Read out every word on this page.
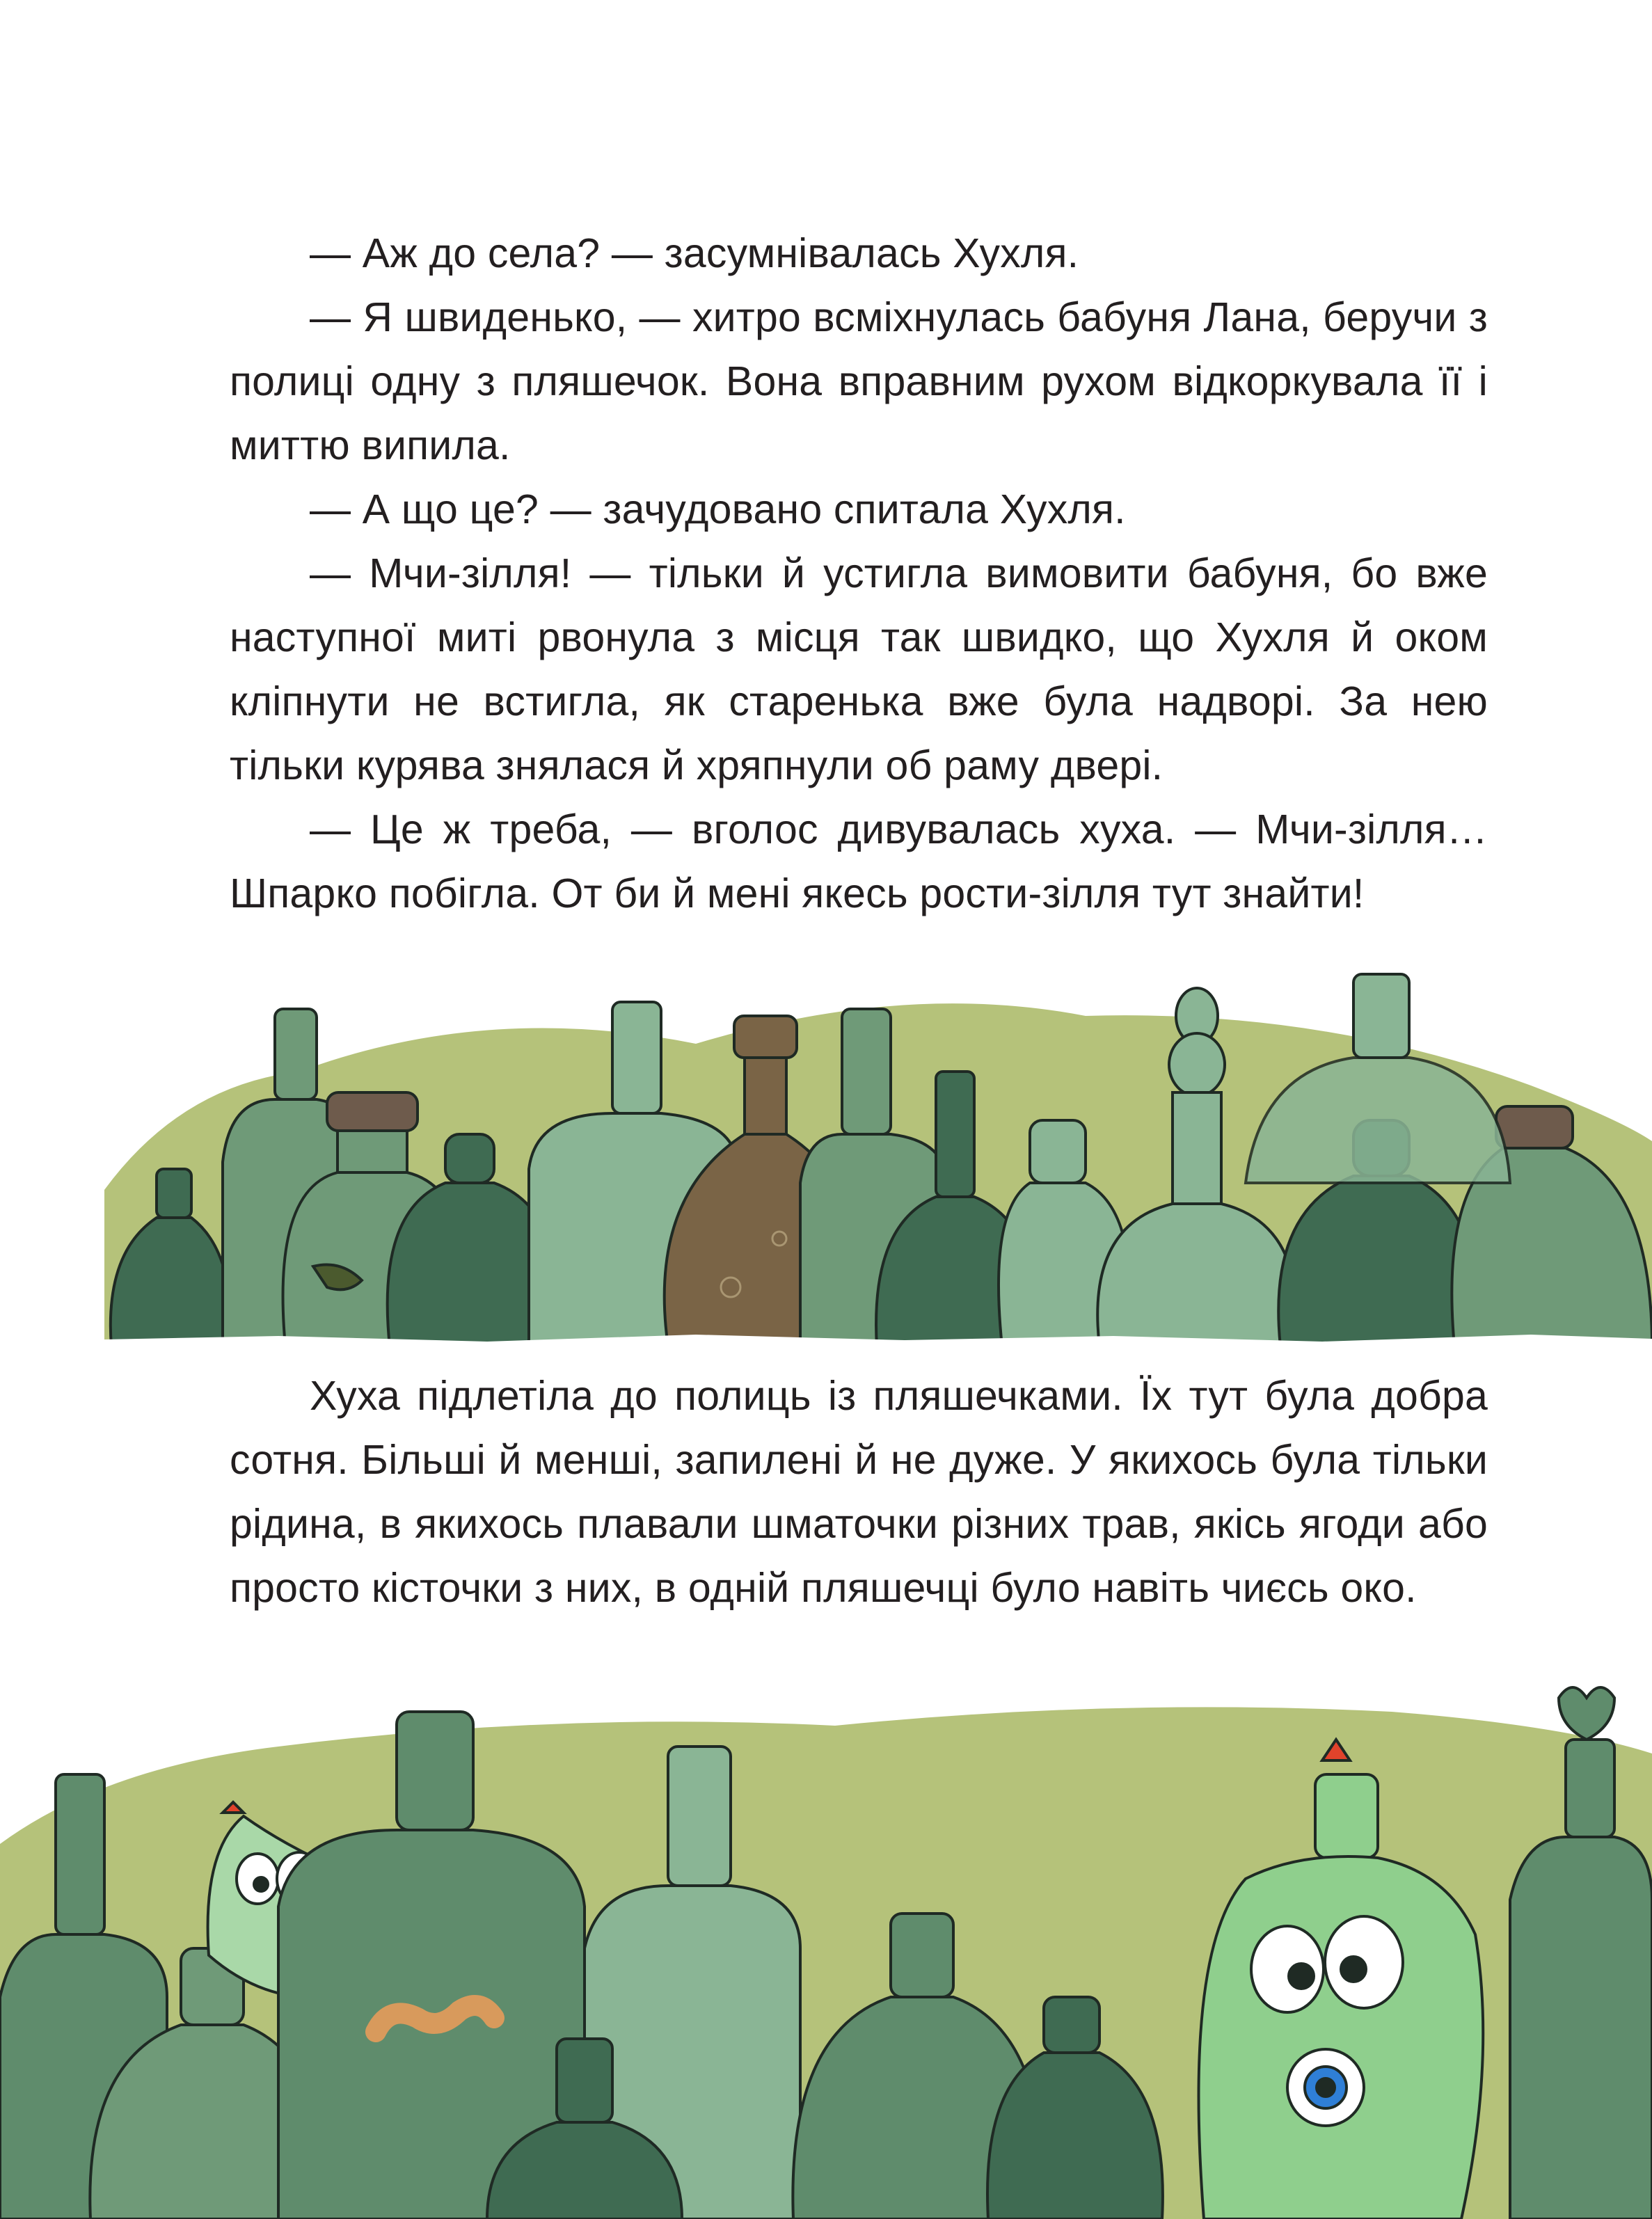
— Аж до села? — засумнівалась Хухля.

— Я швиденько, — хитро всміхнулась бабуня Лана, беручи з полиці одну з пляшечок. Вона вправним рухом відкоркувала її і миттю випила.

— А що це? — зачудовано спитала Хухля.

— Мчи-зілля! — тільки й устигла вимовити бабуня, бо вже наступної миті рвонула з місця так швидко, що Хухля й оком кліпнути не встигла, як старенька вже була надворі. За нею тільки курява знялася й хряпнули об раму двері.

— Це ж треба, — вголос дивувалась хуха. — Мчи-зілля… Шпарко побігла. От би й мені якесь рости-зілля тут знайти!

Хуха підлетіла до полиць із пляшечками. Їх тут була добра сотня. Більші й менші, запилені й не дуже. У якихось була тільки рідина, в якихось плавали шматочки різних трав, якісь ягоди або просто кісточки з них, в одній пляшечці було навіть чиєсь око.
